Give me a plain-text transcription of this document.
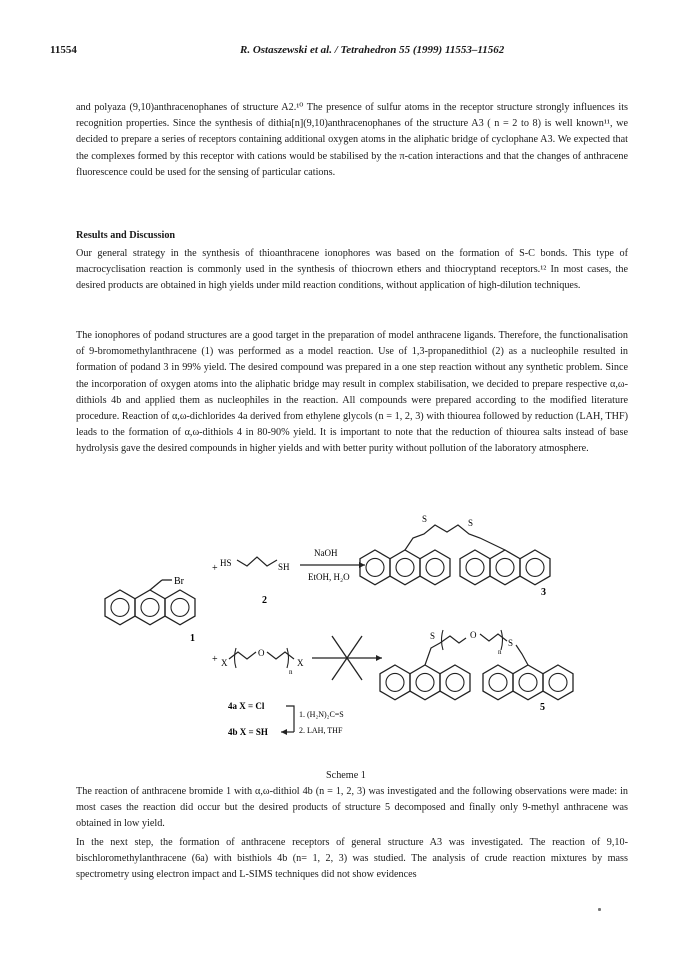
11554	R. Ostaszewski et al. / Tetrahedron 55 (1999) 11553–11562

and polyaza (9,10)anthracenophanes of structure A2.¹⁰ The presence of sulfur atoms in the receptor structure strongly influences its recognition properties. Since the synthesis of dithia[n](9,10)anthracenophanes of the structure A3 ( n = 2 to 8) is well known¹¹, we decided to prepare a series of receptors containing additional oxygen atoms in the aliphatic bridge of cyclophane A3. We expected that the complexes formed by this receptor with cations would be stabilised by the π-cation interactions and that the changes of anthracene fluorescence could be used for the sensing of particular cations.

Results and Discussion

Our general strategy in the synthesis of thioanthracene ionophores was based on the formation of S-C bonds. This type of macrocyclisation reaction is commonly used in the synthesis of thiocrown ethers and thiocryptand receptors.¹² In most cases, the desired products are obtained in high yields under mild reaction conditions, without application of high-dilution techniques.

The ionophores of podand structures are a good target in the preparation of model anthracene ligands. Therefore, the functionalisation of 9-bromomethylanthracene (1) was performed as a model reaction. Use of 1,3-propanedithiol (2) as a nucleophile resulted in formation of podand 3 in 99% yield. The desired compound was prepared in a one step reaction without any synthetic problem. Since the incorporation of oxygen atoms into the aliphatic bridge may result in complex stabilisation, we decided to prepare respective α,ω-dithiols 4b and applied them as nucleophiles in the reaction. All compounds were prepared according to the modified literature procedure. Reaction of α,ω-dichlorides 4a derived from ethylene glycols (n = 1, 2, 3) with thiourea followed by reduction (LAH, THF) leads to the formation of α,ω-dithiols 4 in 80-90% yield. It is important to note that the reduction of thiourea salts instead of base hydrolysis gave the desired compounds in higher yields and with better purity without pollution of the laboratory atmosphere.

Br
1
+ HS	SH
2
NaOH
EtOH, H₂O
S	S
3
+ X
O
n
X
S	O
n
S
5
4a X = Cl
4b X = SH
1. (H₂N)₂C=S
2. LAH, THF
Scheme 1

The reaction of anthracene bromide 1 with α,ω-dithiol 4b (n = 1, 2, 3) was investigated and the following observations were made: in most cases the reaction did occur but the desired products of structure 5 decomposed and finally only 9-methyl anthracene was obtained in low yield.

In the next step, the formation of anthracene receptors of general structure A3 was investigated. The reaction of 9,10-bischloromethylanthracene (6a) with bisthiols 4b (n= 1, 2, 3) was studied. The analysis of crude reaction mixtures by mass spectrometry using electron impact and L-SIMS techniques did not show evidences
